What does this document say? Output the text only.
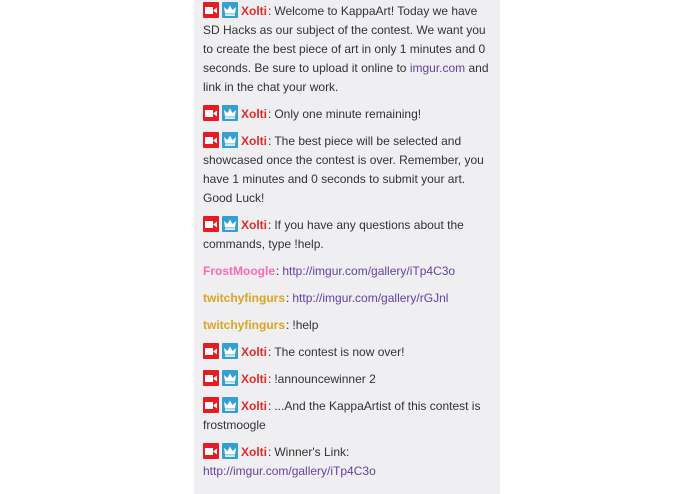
Xolti: Welcome to KappaArt! Today we have SD Hacks as our subject of the contest. We want you to create the best piece of art in only 1 minutes and 0 seconds. Be sure to upload it online to imgur.com and link in the chat your work.
Xolti: Only one minute remaining!
Xolti: The best piece will be selected and showcased once the contest is over. Remember, you have 1 minutes and 0 seconds to submit your art. Good Luck!
Xolti: If you have any questions about the commands, type !help.
FrostMoogle: http://imgur.com/gallery/iTp4C3o
twitchyfingurs: http://imgur.com/gallery/rGJnl
twitchyfingurs: !help
Xolti: The contest is now over!
Xolti: !announcewinner 2
Xolti: ...And the KappaArtist of this contest is frostmoogle
Xolti: Winner's Link: http://imgur.com/gallery/iTp4C3o
